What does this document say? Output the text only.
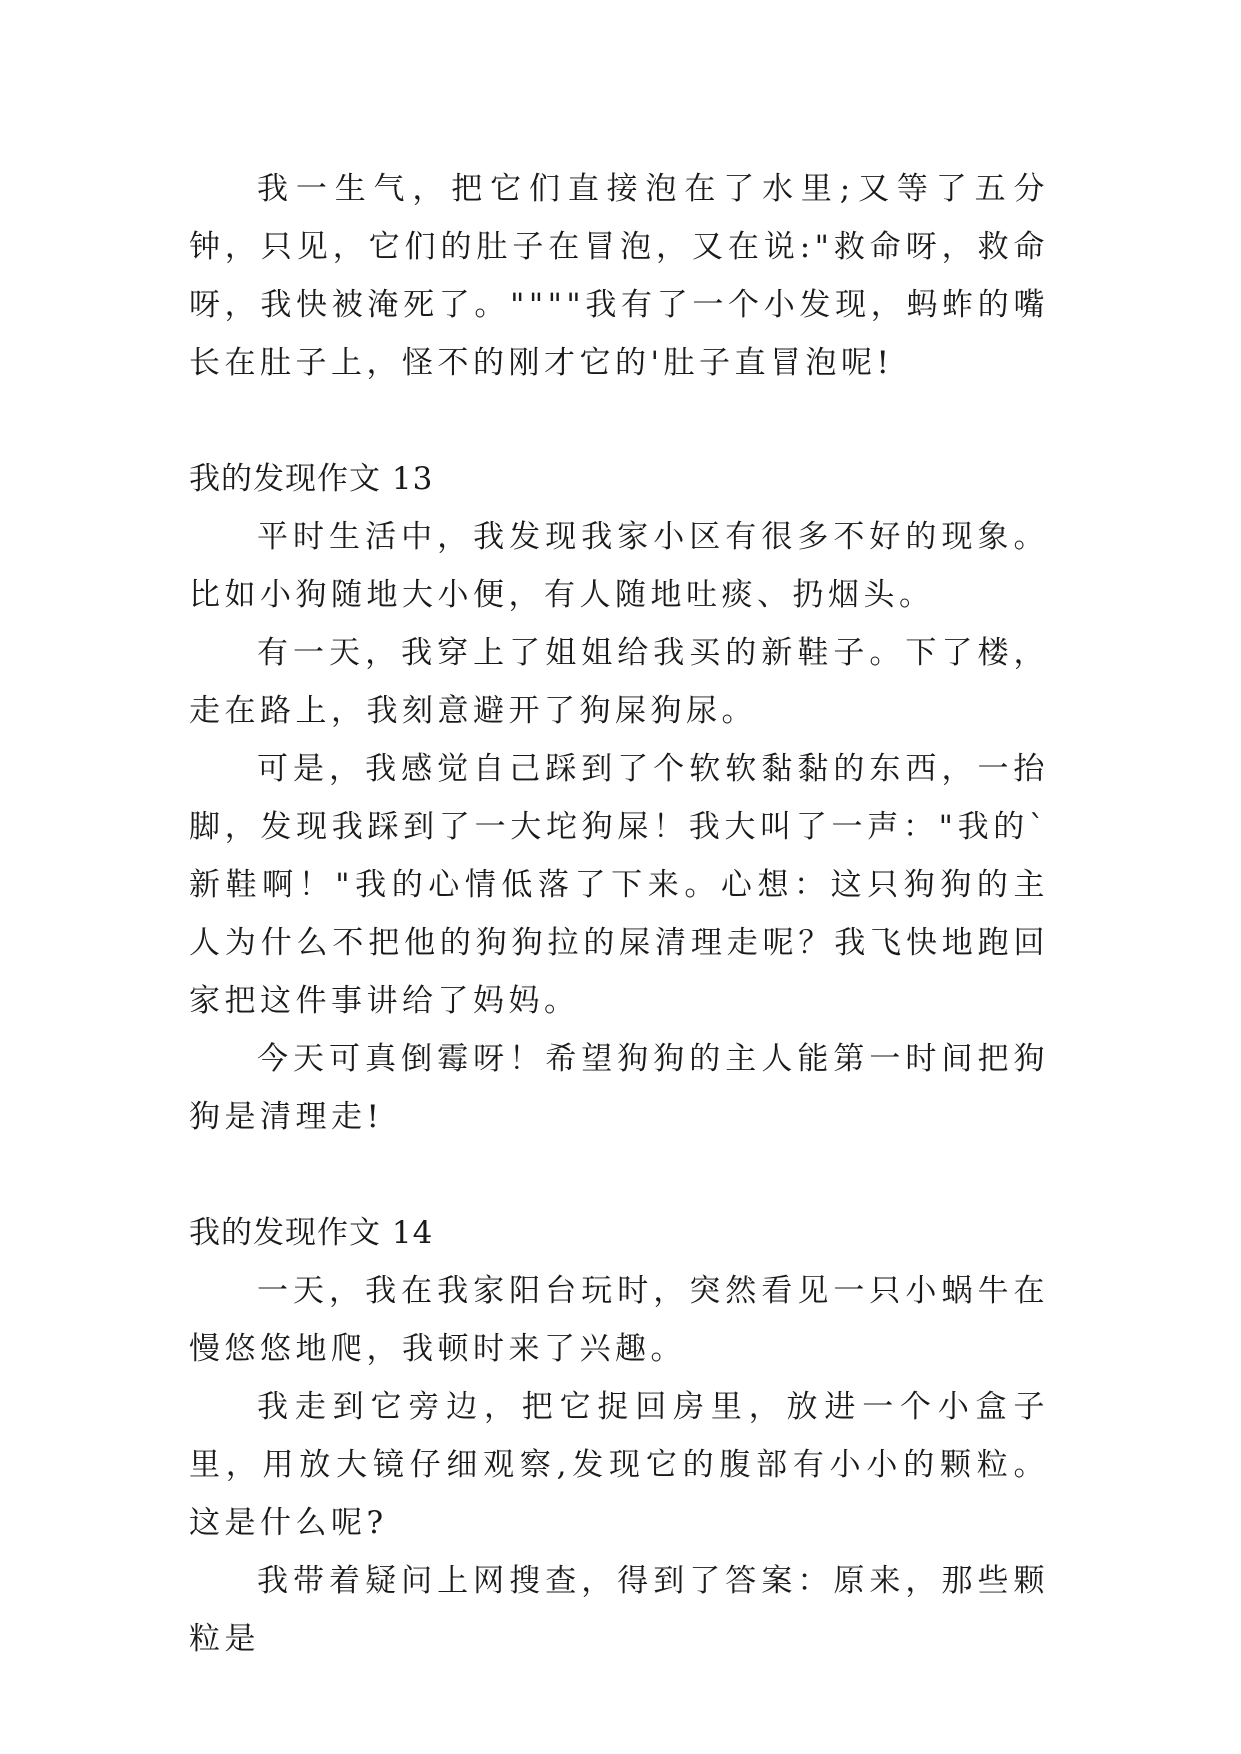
我一生气，把它们直接泡在了水里;又等了五分钟，只见，它们的肚子在冒泡，又在说:"救命呀，救命呀，我快被淹死了。""""我有了一个小发现，蚂蚱的嘴长在肚子上，怪不的刚才它的'肚子直冒泡呢!

我的发现作文 13

平时生活中，我发现我家小区有很多不好的现象。比如小狗随地大小便，有人随地吐痰、扔烟头。

有一天，我穿上了姐姐给我买的新鞋子。下了楼，走在路上，我刻意避开了狗屎狗尿。

可是，我感觉自己踩到了个软软黏黏的东西，一抬脚，发现我踩到了一大坨狗屎！我大叫了一声："我的`新鞋啊！"我的心情低落了下来。心想：这只狗狗的主人为什么不把他的狗狗拉的屎清理走呢？我飞快地跑回家把这件事讲给了妈妈。

今天可真倒霉呀！希望狗狗的主人能第一时间把狗狗是清理走!

我的发现作文 14

一天，我在我家阳台玩时，突然看见一只小蜗牛在慢悠悠地爬，我顿时来了兴趣。

我走到它旁边，把它捉回房里，放进一个小盒子里，用放大镜仔细观察,发现它的腹部有小小的颗粒。这是什么呢?

我带着疑问上网搜查，得到了答案：原来，那些颗粒是
